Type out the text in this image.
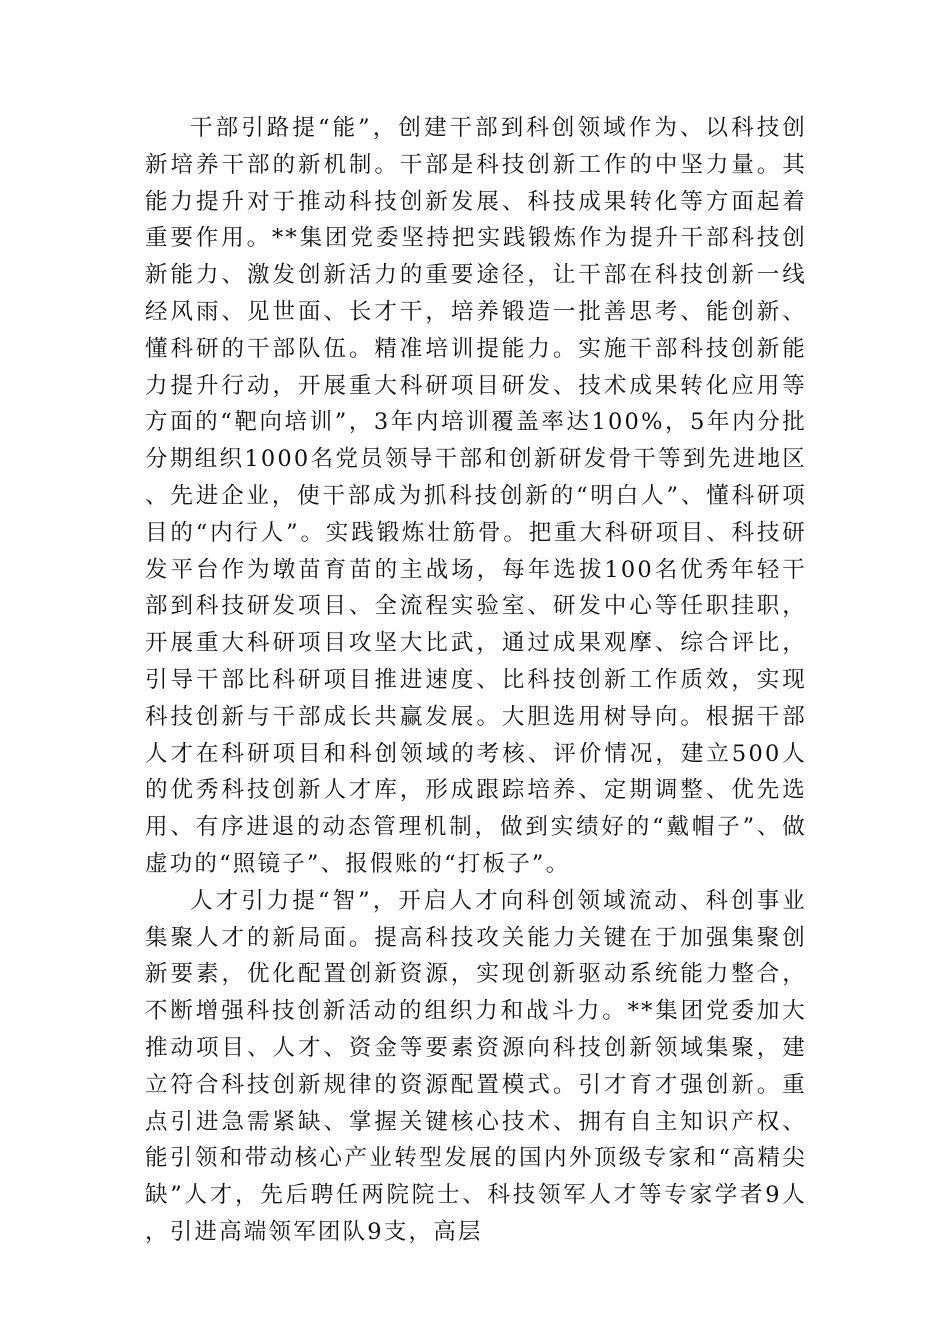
干部引路提“能”，创建干部到科创领域作为、以科技创新培养干部的新机制。干部是科技创新工作的中坚力量。其能力提升对于推动科技创新发展、科技成果转化等方面起着重要作用。**集团党委坚持把实践锻炼作为提升干部科技创新能力、激发创新活力的重要途径，让干部在科技创新一线经风雨、见世面、长才干，培养锻造一批善思考、能创新、懂科研的干部队伍。精准培训提能力。实施干部科技创新能力提升行动，开展重大科研项目研发、技术成果转化应用等方面的“靶向培训”，3年内培训覆盖率达100%，5年内分批分期组织1000名党员领导干部和创新研发骨干等到先进地区、先进企业，使干部成为抓科技创新的“明白人”、懂科研项目的“内行人”。实践锻炼壮筋骨。把重大科研项目、科技研发平台作为墩苗育苗的主战场，每年选拔100名优秀年轻干部到科技研发项目、全流程实验室、研发中心等任职挂职，开展重大科研项目攻坚大比武，通过成果观摩、综合评比，引导干部比科研项目推进速度、比科技创新工作质效，实现科技创新与干部成长共赢发展。大胆选用树导向。根据干部人才在科研项目和科创领域的考核、评价情况，建立500人的优秀科技创新人才库，形成跟踪培养、定期调整、优先选用、有序进退的动态管理机制，做到实绩好的“戴帽子”、做虚功的“照镜子”、报假账的“打板子”。

人才引力提“智”，开启人才向科创领域流动、科创事业集聚人才的新局面。提高科技攻关能力关键在于加强集聚创新要素，优化配置创新资源，实现创新驱动系统能力整合，不断增强科技创新活动的组织力和战斗力。**集团党委加大推动项目、人才、资金等要素资源向科技创新领域集聚，建立符合科技创新规律的资源配置模式。引才育才强创新。重点引进急需紧缺、掌握关键核心技术、拥有自主知识产权、能引领和带动核心产业转型发展的国内外顶级专家和“高精尖缺”人才，先后聘任两院院士、科技领军人才等专家学者9人，引进高端领军团队9支，高层
